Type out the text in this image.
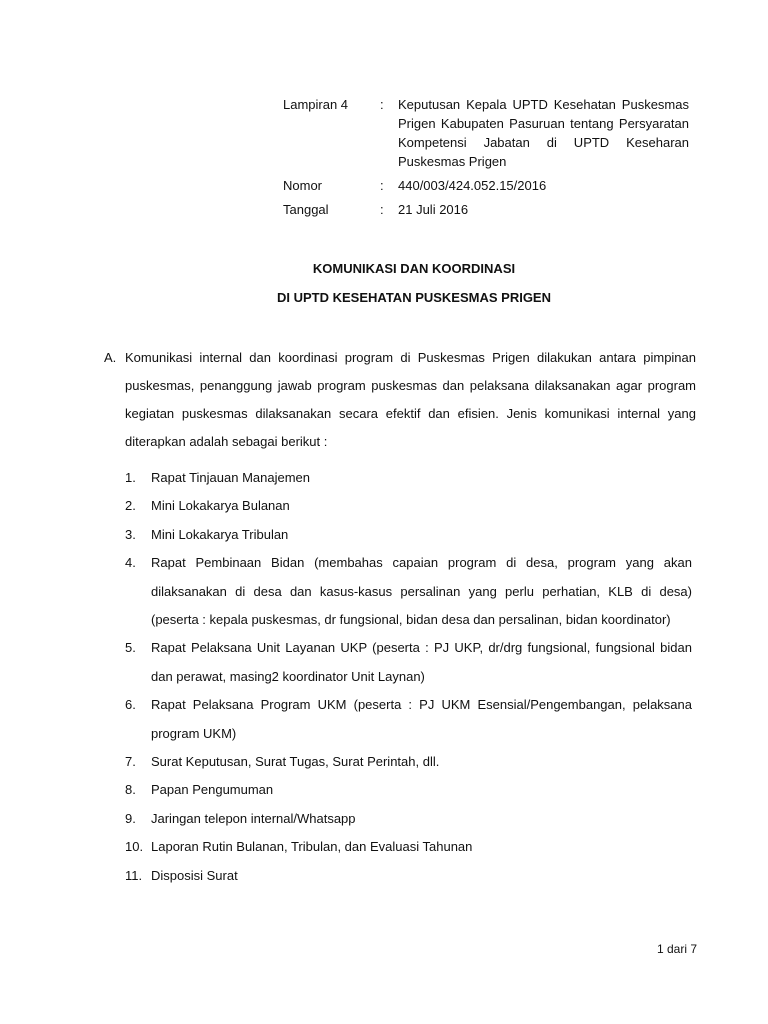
Lampiran 4	:	Keputusan Kepala UPTD Kesehatan Puskesmas Prigen Kabupaten Pasuruan tentang Persyaratan Kompetensi Jabatan di UPTD Keseharan Puskesmas Prigen
Nomor	:	440/003/424.052.15/2016
Tanggal	:	21 Juli 2016
KOMUNIKASI DAN KOORDINASI
DI UPTD KESEHATAN PUSKESMAS PRIGEN
A. Komunikasi internal dan koordinasi program di Puskesmas Prigen dilakukan antara pimpinan puskesmas, penanggung jawab program puskesmas dan pelaksana dilaksanakan agar program kegiatan puskesmas dilaksanakan secara efektif dan efisien. Jenis komunikasi internal yang diterapkan adalah sebagai berikut :
1.	Rapat Tinjauan Manajemen
2.	Mini Lokakarya Bulanan
3.	Mini Lokakarya Tribulan
4.	Rapat Pembinaan Bidan (membahas capaian program di desa, program yang akan dilaksanakan di desa dan kasus-kasus persalinan yang perlu perhatian, KLB di desa) (peserta : kepala puskesmas, dr fungsional, bidan desa dan persalinan, bidan koordinator)
5.	Rapat Pelaksana Unit Layanan UKP (peserta : PJ UKP, dr/drg fungsional, fungsional bidan dan perawat, masing2 koordinator Unit Laynan)
6.	Rapat Pelaksana Program UKM (peserta : PJ UKM Esensial/Pengembangan, pelaksana program UKM)
7.	Surat Keputusan, Surat Tugas, Surat Perintah, dll.
8.	Papan Pengumuman
9.	Jaringan telepon internal/Whatsapp
10. Laporan Rutin Bulanan, Tribulan, dan Evaluasi Tahunan
11. Disposisi Surat
1 dari 7
